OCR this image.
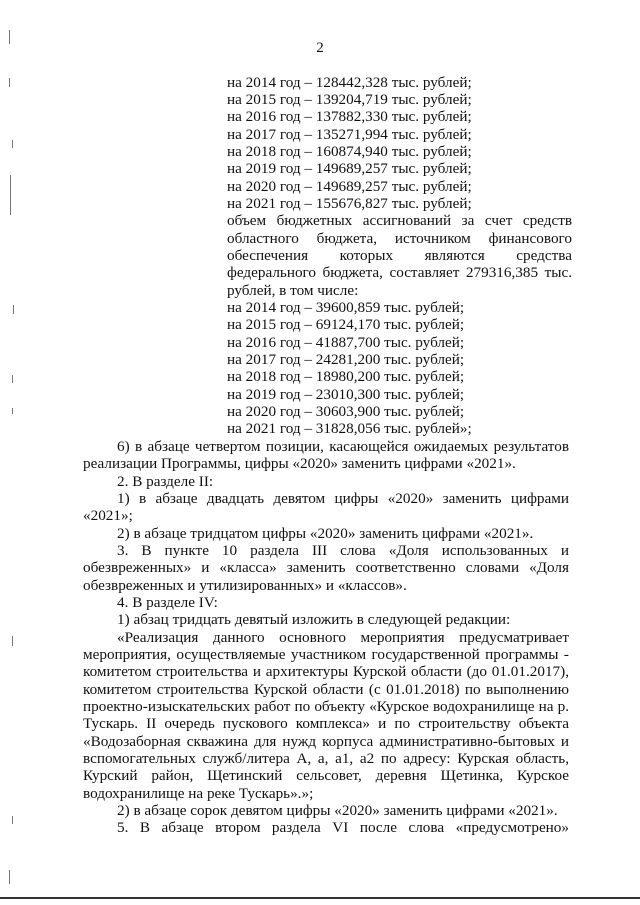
2
на 2014 год – 128442,328 тыс. рублей;
на 2015 год – 139204,719 тыс. рублей;
на 2016 год – 137882,330 тыс. рублей;
на 2017 год – 135271,994 тыс. рублей;
на 2018 год – 160874,940 тыс. рублей;
на 2019 год – 149689,257 тыс. рублей;
на 2020 год – 149689,257 тыс. рублей;
на 2021 год – 155676,827 тыс. рублей;
объем бюджетных ассигнований за счет средств
областного бюджета, источником финансового
обеспечения которых являются средства
федерального бюджета, составляет 279316,385 тыс.
рублей, в том числе:
на 2014 год – 39600,859 тыс. рублей;
на 2015 год – 69124,170 тыс. рублей;
на 2016 год – 41887,700 тыс. рублей;
на 2017 год – 24281,200 тыс. рублей;
на 2018 год – 18980,200 тыс. рублей;
на 2019 год – 23010,300 тыс. рублей;
на 2020 год – 30603,900 тыс. рублей;
на 2021 год – 31828,056 тыс. рублей»;
6) в абзаце четвертом позиции, касающейся ожидаемых результатов
реализации Программы, цифры «2020» заменить цифрами «2021».
2. В разделе II:
1) в абзаце двадцать девятом цифры «2020» заменить цифрами
«2021»;
2) в абзаце тридцатом цифры «2020» заменить цифрами «2021».
3. В пункте 10 раздела III слова «Доля использованных и
обезвреженных» и «класса» заменить соответственно словами «Доля
обезвреженных и утилизированных» и «классов».
4. В разделе IV:
1) абзац тридцать девятый изложить в следующей редакции:
«Реализация данного основного мероприятия предусматривает
мероприятия, осуществляемые участником государственной программы -
комитетом строительства и архитектуры Курской области (до 01.01.2017),
комитетом строительства Курской области (с 01.01.2018) по выполнению
проектно-изыскательских работ по объекту «Курское водохранилище на р.
Тускарь. II очередь пускового комплекса» и по строительству объекта
«Водозаборная скважина для нужд корпуса административно-бытовых и
вспомогательных служб/литера А, а, а1, а2 по адресу: Курская область,
Курский район, Щетинский сельсовет, деревня Щетинка, Курское
водохранилище на реке Тускарь».»;
2) в абзаце сорок девятом цифры «2020» заменить цифрами «2021».
5. В абзаце втором раздела VI после слова «предусмотрено»
